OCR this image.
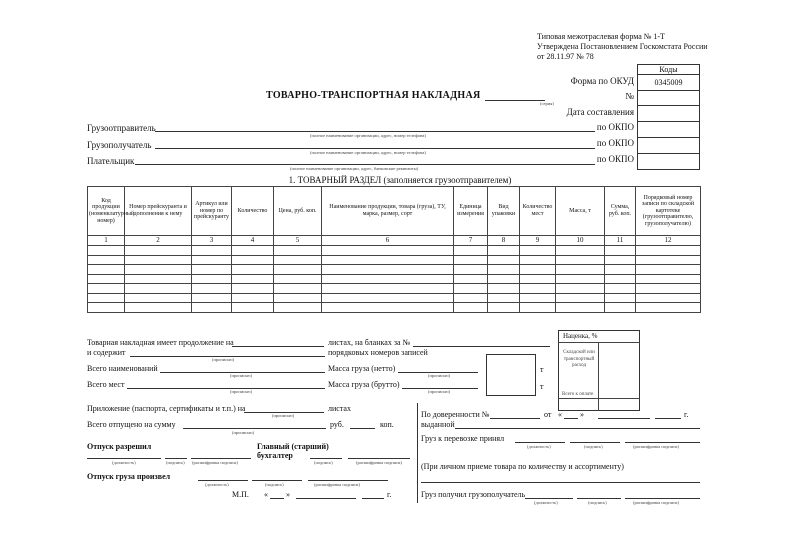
Типовая межотраслевая форма № 1-Т
Утверждена Постановлением Госкомстата России
от 28.11.97 № 78
Коды
0345009
Форма по ОКУД
№
Дата составления
ТОВАРНО-ТРАНСПОРТНАЯ НАКЛАДНАЯ
(серия)
Грузоотправитель
(полное наименование организации, адрес, номер телефона)
по ОКПО
Грузополучатель
(полное наименование организации, адрес, номер телефона)
по ОКПО
Плательщик
(полное наименование организации, адрес, банковские реквизиты)
по ОКПО
1. ТОВАРНЫЙ РАЗДЕЛ (заполняется грузоотправителем)
Код продукции (номенклатурный номер)	Номер прейскуранта и дополнения к нему	Артикул или номер по прейскуранту	Количество	Цена, руб. коп.	Наименование продукции, товара (груза), ТУ, марка, размер, сорт	Единица измерения	Вид упаковки	Количество мест	Масса, т	Сумма, руб. коп.	Порядковый номер записи по складской картотеке (грузоотправителю, грузополучателю)
1	2	3	4	5	6	7	8	9	10	11	12

Наценка, %
Складской или транспортный расход
Всего к оплате
Товарная накладная имеет продолжение на	листах, на бланках за №
и содержит
(прописью)
порядковых номеров записей
Всего наименований
(прописью)
Масса груза (нетто)
(прописью)
т
т
Всего мест
(прописью)
Масса груза (брутто)
(прописью)
Приложение (паспорта, сертификаты и т.п.) на
(прописью)
листах
Всего отпущено на сумму
(прописью)
руб.	коп.
Отпуск разрешил
(должность)	(подпись) (расшифровка подписи)
Главный (старший) бухгалтер
(подпись)	(расшифровка подписи)
Отпуск груза произвел
(должность)	(подпись)	(расшифровка подписи)
М.П. « »	г.
По доверенности №	от « »	г.
выданной
Груз к перевозке принял
(должность)	(подпись)	(расшифровка подписи)
(При личном приеме товара по количеству и ассортименту)
Груз получил грузополучатель
(должность)	(подпись)	(расшифровка подписи)
